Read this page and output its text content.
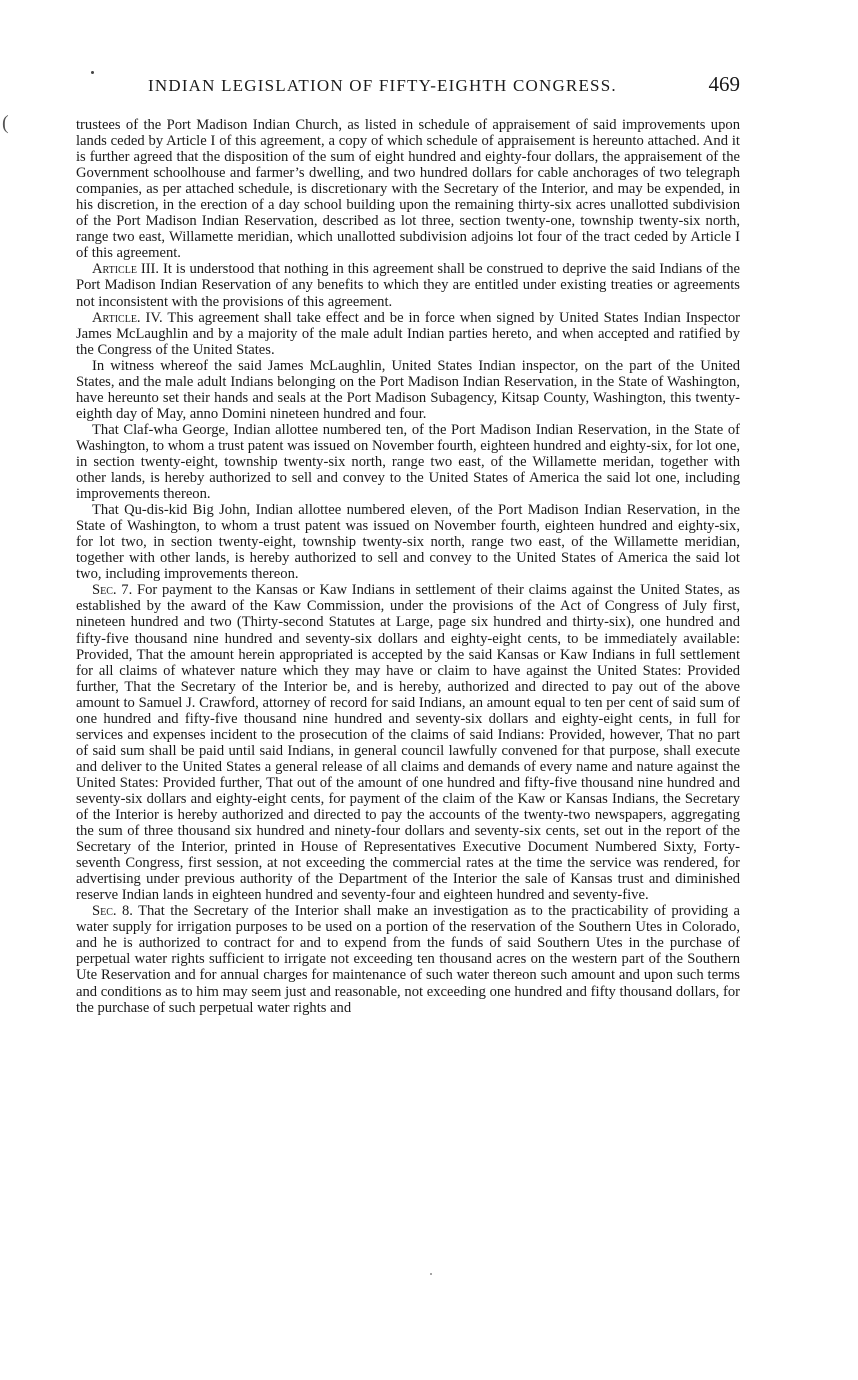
(
INDIAN LEGISLATION OF FIFTY-EIGHTH CONGRESS.	469

trustees of the Port Madison Indian Church, as listed in schedule of appraisement of said improvements upon lands ceded by Article I of this agreement, a copy of which schedule of appraisement is hereunto attached. And it is further agreed that the disposition of the sum of eight hundred and eighty-four dollars, the appraisement of the Government schoolhouse and farmer’s dwelling, and two hundred dollars for cable anchorages of two telegraph companies, as per attached schedule, is discretionary with the Secretary of the Interior, and may be expended, in his discretion, in the erection of a day school building upon the remaining thirty-six acres unallotted subdivision of the Port Madison Indian Reservation, described as lot three, section twenty-one, township twenty-six north, range two east, Willamette meridian, which unallotted subdivision adjoins lot four of the tract ceded by Article I of this agreement.

Article III. It is understood that nothing in this agreement shall be construed to deprive the said Indians of the Port Madison Indian Reservation of any benefits to which they are entitled under existing treaties or agreements not inconsistent with the provisions of this agreement.

Article. IV. This agreement shall take effect and be in force when signed by United States Indian Inspector James McLaughlin and by a majority of the male adult Indian parties hereto, and when accepted and ratified by the Congress of the United States.

In witness whereof the said James McLaughlin, United States Indian inspector, on the part of the United States, and the male adult Indians belonging on the Port Madison Indian Reservation, in the State of Washington, have hereunto set their hands and seals at the Port Madison Subagency, Kitsap County, Washington, this twenty-eighth day of May, anno Domini nineteen hundred and four.

That Claf-wha George, Indian allottee numbered ten, of the Port Madison Indian Reservation, in the State of Washington, to whom a trust patent was issued on November fourth, eighteen hundred and eighty-six, for lot one, in section twenty-eight, township twenty-six north, range two east, of the Willamette meridan, together with other lands, is hereby authorized to sell and convey to the United States of America the said lot one, including improvements thereon.

That Qu-dis-kid Big John, Indian allottee numbered eleven, of the Port Madison Indian Reservation, in the State of Washington, to whom a trust patent was issued on November fourth, eighteen hundred and eighty-six, for lot two, in section twenty-eight, township twenty-six north, range two east, of the Willamette meridian, together with other lands, is hereby authorized to sell and convey to the United States of America the said lot two, including improvements thereon.

Sec. 7. For payment to the Kansas or Kaw Indians in settlement of their claims against the United States, as established by the award of the Kaw Commission, under the provisions of the Act of Congress of July first, nineteen hundred and two (Thirty-second Statutes at Large, page six hundred and thirty-six), one hundred and fifty-five thousand nine hundred and seventy-six dollars and eighty-eight cents, to be immediately available: Provided, That the amount herein appropriated is accepted by the said Kansas or Kaw Indians in full settlement for all claims of whatever nature which they may have or claim to have against the United States: Provided further, That the Secretary of the Interior be, and is hereby, authorized and directed to pay out of the above amount to Samuel J. Crawford, attorney of record for said Indians, an amount equal to ten per cent of said sum of one hundred and fifty-five thousand nine hundred and seventy-six dollars and eighty-eight cents, in full for services and expenses incident to the prosecution of the claims of said Indians: Provided, however, That no part of said sum shall be paid until said Indians, in general council lawfully convened for that purpose, shall execute and deliver to the United States a general release of all claims and demands of every name and nature against the United States: Provided further, That out of the amount of one hundred and fifty-five thousand nine hundred and seventy-six dollars and eighty-eight cents, for payment of the claim of the Kaw or Kansas Indians, the Secretary of the Interior is hereby authorized and directed to pay the accounts of the twenty-two newspapers, aggregating the sum of three thousand six hundred and ninety-four dollars and seventy-six cents, set out in the report of the Secretary of the Interior, printed in House of Representatives Executive Document Numbered Sixty, Forty-seventh Congress, first session, at not exceeding the commercial rates at the time the service was rendered, for advertising under previous authority of the Department of the Interior the sale of Kansas trust and diminished reserve Indian lands in eighteen hundred and seventy-four and eighteen hundred and seventy-five.

Sec. 8. That the Secretary of the Interior shall make an investigation as to the practicability of providing a water supply for irrigation purposes to be used on a portion of the reservation of the Southern Utes in Colorado, and he is authorized to contract for and to expend from the funds of said Southern Utes in the purchase of perpetual water rights sufficient to irrigate not exceeding ten thousand acres on the western part of the Southern Ute Reservation and for annual charges for maintenance of such water thereon such amount and upon such terms and conditions as to him may seem just and reasonable, not exceeding one hundred and fifty thousand dollars, for the purchase of such perpetual water rights and
